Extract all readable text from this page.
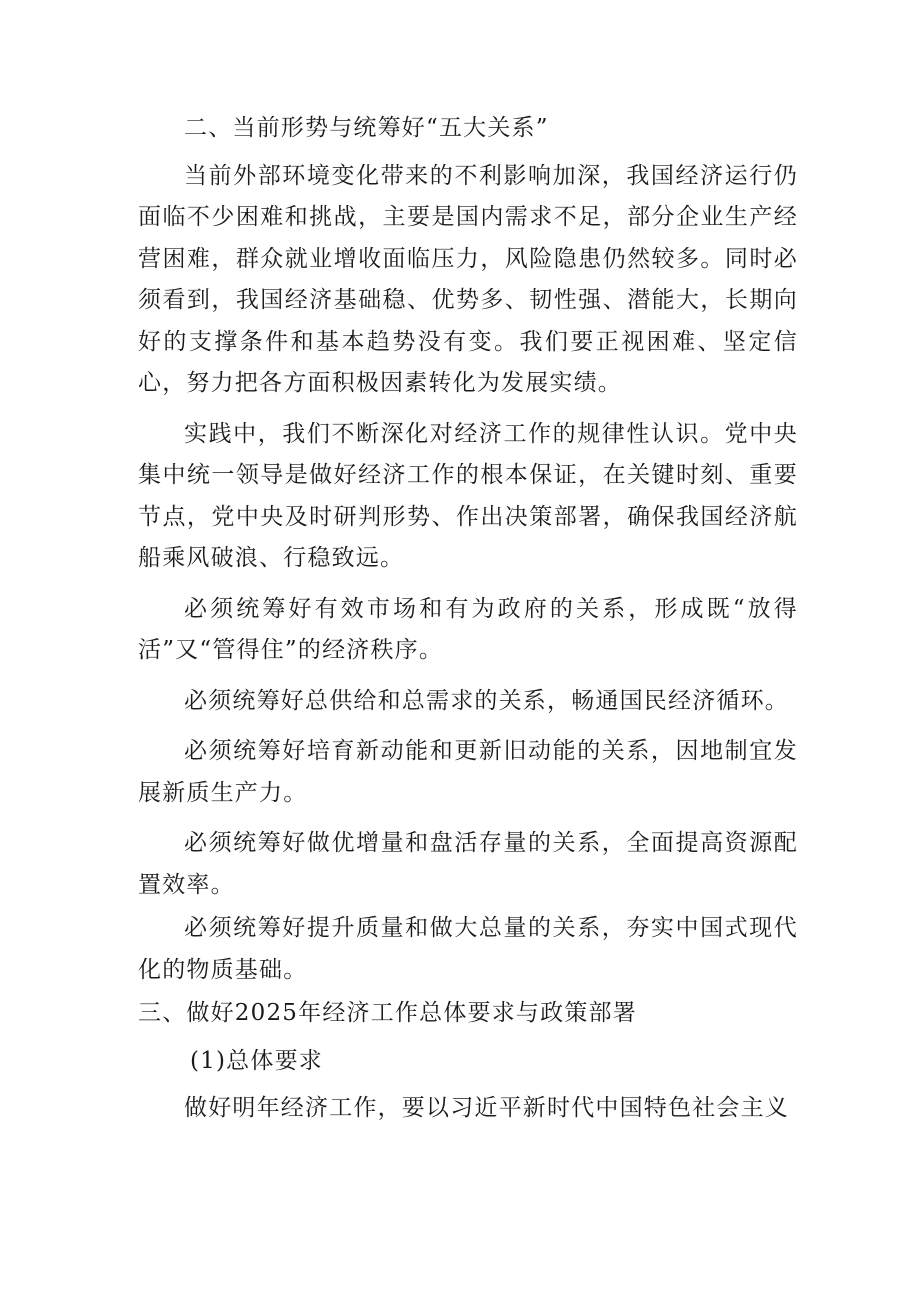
二、当前形势与统筹好“五大关系”

当前外部环境变化带来的不利影响加深，我国经济运行仍面临不少困难和挑战，主要是国内需求不足，部分企业生产经营困难，群众就业增收面临压力，风险隐患仍然较多。同时必须看到，我国经济基础稳、优势多、韧性强、潜能大，长期向好的支撑条件和基本趋势没有变。我们要正视困难、坚定信心，努力把各方面积极因素转化为发展实绩。

实践中，我们不断深化对经济工作的规律性认识。党中央集中统一领导是做好经济工作的根本保证，在关键时刻、重要节点，党中央及时研判形势、作出决策部署，确保我国经济航船乘风破浪、行稳致远。

必须统筹好有效市场和有为政府的关系，形成既“放得活”又“管得住”的经济秩序。

必须统筹好总供给和总需求的关系，畅通国民经济循环。

必须统筹好培育新动能和更新旧动能的关系，因地制宜发展新质生产力。

必须统筹好做优增量和盘活存量的关系，全面提高资源配置效率。

必须统筹好提升质量和做大总量的关系，夯实中国式现代化的物质基础。

三、做好2025年经济工作总体要求与政策部署
(1)总体要求

做好明年经济工作，要以习近平新时代中国特色社会主义
